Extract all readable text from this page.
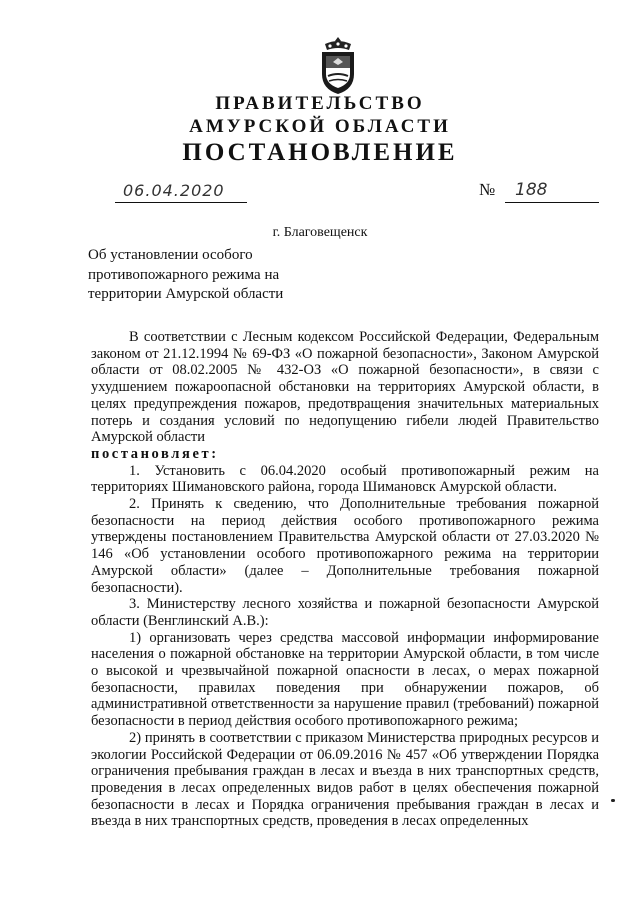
ПРАВИТЕЛЬСТВО
АМУРСКОЙ ОБЛАСТИ
ПОСТАНОВЛЕНИЕ
06.04.2020	№ 188
г. Благовещенск
Об установлении особого
противопожарного режима на
территории Амурской области

В соответствии с Лесным кодексом Российской Федерации, Федеральным законом от 21.12.1994 № 69-ФЗ «О пожарной безопасности», Законом Амурской области от 08.02.2005 № 432-ОЗ «О пожарной безопасности», в связи с ухудшением пожароопасной обстановки на территориях Амурской области, в целях предупреждения пожаров, предотвращения значительных материальных потерь и создания условий по недопущению гибели людей Правительство Амурской области

постановляет:

1. Установить с 06.04.2020 особый противопожарный режим на территориях Шимановского района, города Шимановск Амурской области.

2. Принять к сведению, что Дополнительные требования пожарной безопасности на период действия особого противопожарного режима утверждены постановлением Правительства Амурской области от 27.03.2020 № 146 «Об установлении особого противопожарного режима на территории Амурской области» (далее – Дополнительные требования пожарной безопасности).

3. Министерству лесного хозяйства и пожарной безопасности Амурской области (Венглинский А.В.):

1) организовать через средства массовой информации информирование населения о пожарной обстановке на территории Амурской области, в том числе о высокой и чрезвычайной пожарной опасности в лесах, о мерах пожарной безопасности, правилах поведения при обнаружении пожаров, об административной ответственности за нарушение правил (требований) пожарной безопасности в период действия особого противопожарного режима;

2) принять в соответствии с приказом Министерства природных ресурсов и экологии Российской Федерации от 06.09.2016 № 457 «Об утверждении Порядка ограничения пребывания граждан в лесах и въезда в них транспортных средств, проведения в лесах определенных видов работ в целях обеспечения пожарной безопасности в лесах и Порядка ограничения пребывания граждан в лесах и въезда в них транспортных средств, проведения в лесах определенных
